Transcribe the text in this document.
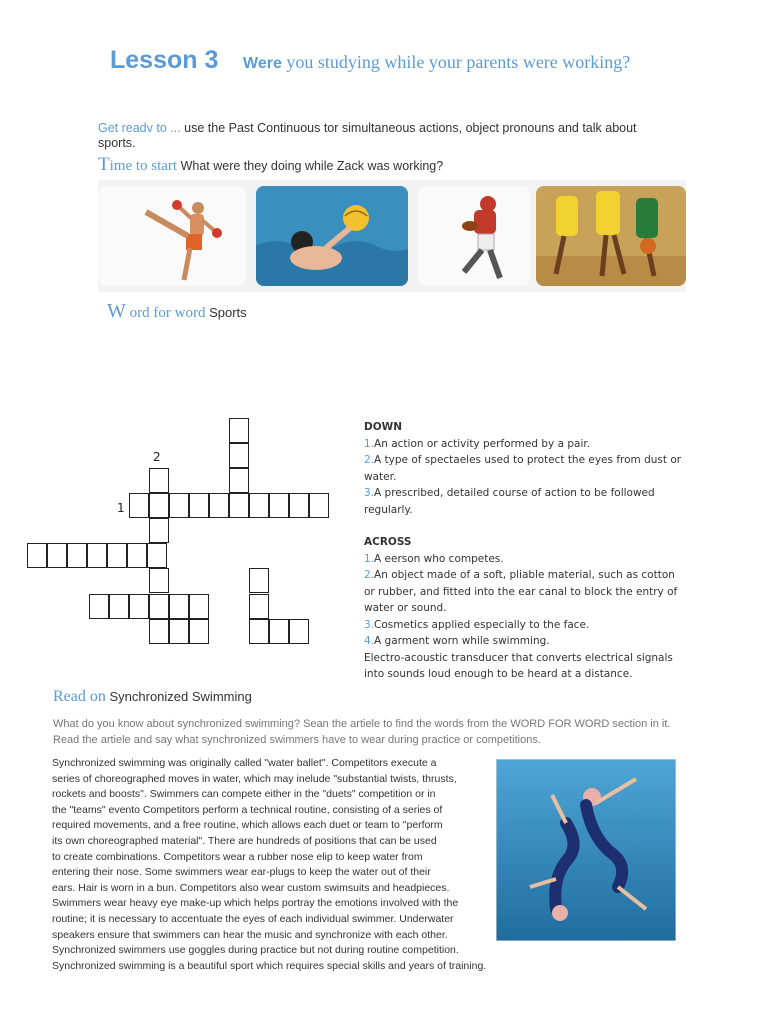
Lesson 3 Were you studying while your parents were working?
Get readv to ... use the Past Continuous tor simultaneous actions, object pronouns and talk about sports.
Time to start What were they doing while Zack was working?
W ord for word Sports
2
1
DOWN

1.An action or activity performed by a pair.

2.A type of spectaeles used to protect the eyes from dust or water.

3.A prescribed, detailed course of action to be followed regularly.

ACROSS

1.A eerson who competes.

2.An object made of a soft, pliable material, such as cotton or rubber, and fitted into the ear canal to block the entry of water or sound.

3.Cosmetics applied especially to the face.

4.A garment worn while swimming.

Electro-acoustic transducer that converts electrical signals into sounds loud enough to be heard at a distance.

Read on Synchronized Swimming
What do you know about synchronized swimming? Sean the artiele to find the words from the WORD FOR WORD section in it. Read the artiele and say what synchronized swimmers have to wear during practice or competitions.
Synchronized swimming was originally called "water ballet". Competitors execute a
series of choreographed moves in water, which may inelude "substantial twists, thrusts,
rockets and boosts". Swimmers can compete either in the "duets" competition or in
the "teams" evento Competitors perform a technical routine, consisting of a series of
required movements, and a free routine, which allows each duet or team to "perform
its own choreographed material". There are hundreds of positions that can be used
to create combinations. Competitors wear a rubber nose elip to keep water from
entering their nose. Some swimmers wear ear-plugs to keep the water out of their
ears. Hair is worn in a bun. Competitors also wear custom swimsuits and headpieces.
Swimmers wear heavy eye make-up which helps portray the emotions involved with the
routine; it is necessary to accentuate the eyes of each individual swimmer. Underwater
speakers ensure that swimmers can hear the music and synchronize with each other.
Synchronized swimmers use goggles during practice but not during routine competition.
Synchronized swimming is a beautiful sport which requires special skills and years of training.
